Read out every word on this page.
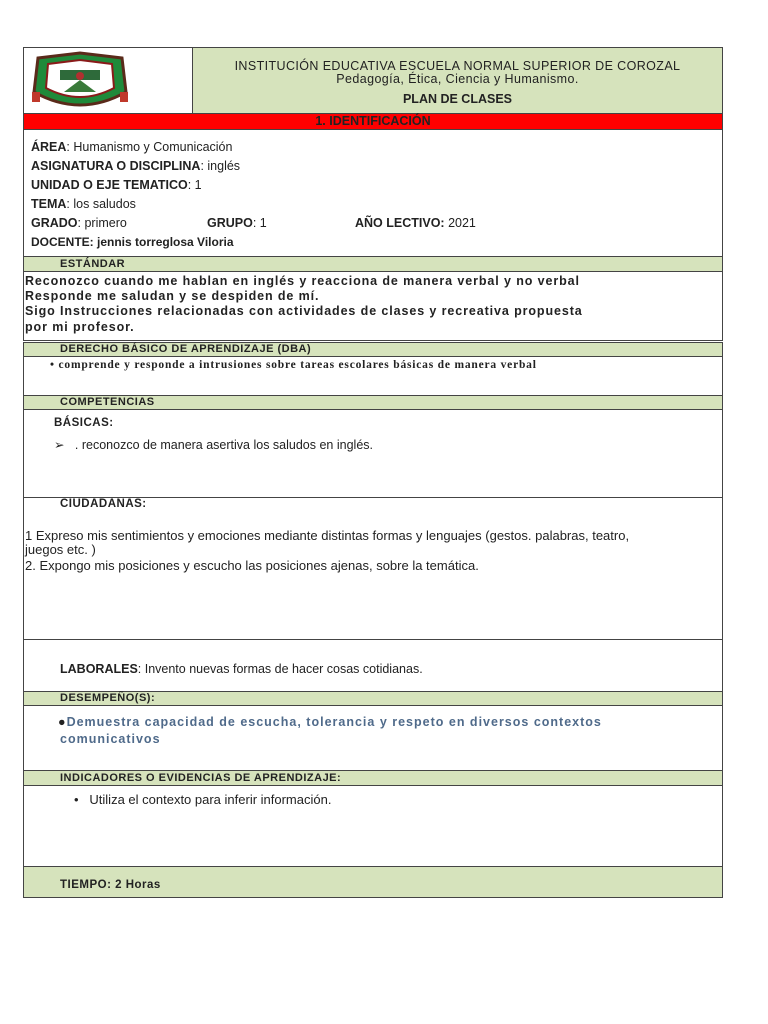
INSTITUCIÓN EDUCATIVA ESCUELA NORMAL SUPERIOR DE COROZAL
Pedagogía, Ética, Ciencia y Humanismo.
PLAN DE CLASES
1. IDENTIFICACIÓN
ÁREA: Humanismo y Comunicación
ASIGNATURA O DISCIPLINA: inglés
UNIDAD O EJE TEMATICO: 1
TEMA: los saludos
GRADO: primero	GRUPO: 1	AÑO LECTIVO: 2021
DOCENTE: jennis torreglosa Viloria
ESTÁNDAR
Reconozco cuando me hablan en inglés y reacciona de manera verbal y no verbal
Responde me saludan y se despiden de mí.
Sigo Instrucciones relacionadas con actividades de clases y recreativa propuesta
por mi profesor.
DERECHO BÁSICO DE APRENDIZAJE (DBA)
• comprende y responde a intrusiones sobre tareas escolares básicas de manera verbal
COMPETENCIAS
BÁSICAS:
➢ . reconozco de manera asertiva los saludos en inglés.
CIUDADANAS:
1 Expreso mis sentimientos y emociones mediante distintas formas y lenguajes (gestos. palabras, teatro,
juegos etc. )
2. Expongo mis posiciones y escucho las posiciones ajenas, sobre la temática.
LABORALES: Invento nuevas formas de hacer cosas cotidianas.
DESEMPEÑO(S):
●Demuestra capacidad de escucha, tolerancia y respeto en diversos contextos
comunicativos
INDICADORES O EVIDENCIAS DE APRENDIZAJE:
• Utiliza el contexto para inferir información.
TIEMPO: 2 Horas
